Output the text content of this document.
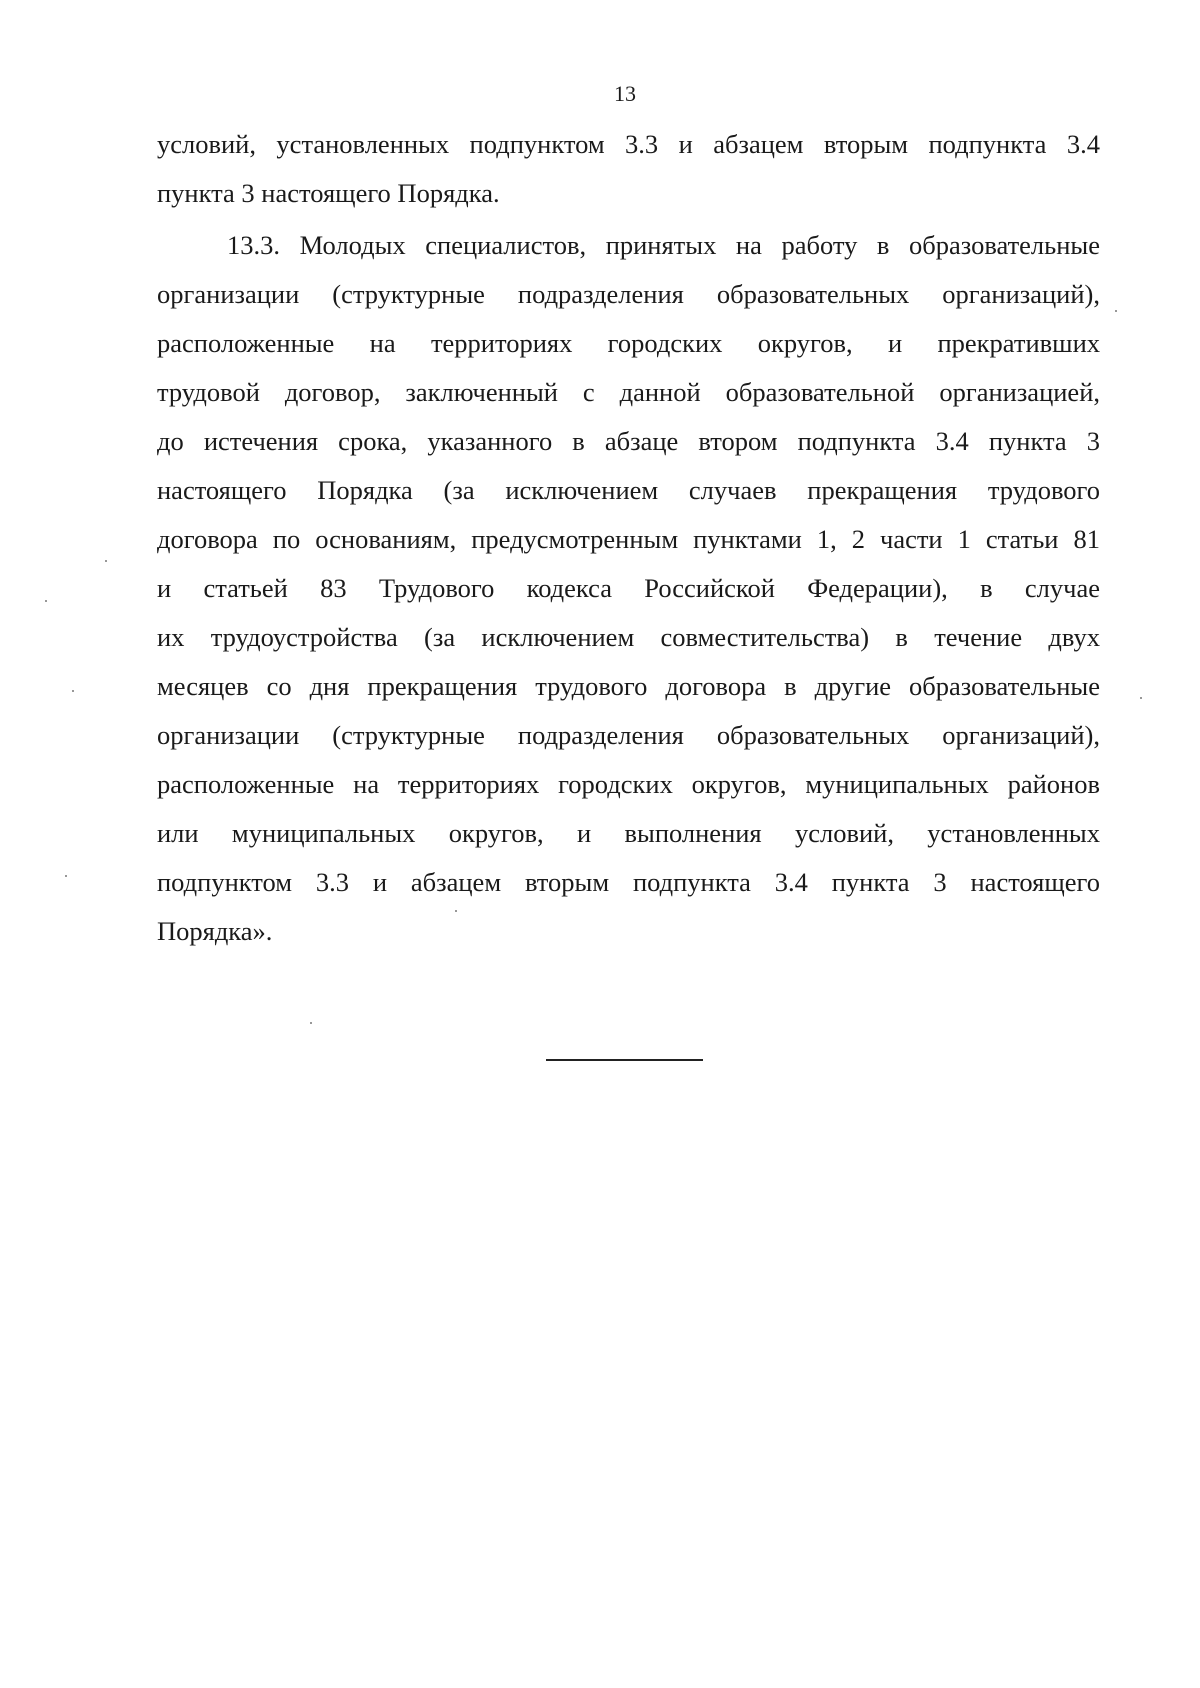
13
условий, установленных подпунктом 3.3 и абзацем вторым подпункта 3.4
пункта 3 настоящего Порядка.
13.3. Молодых специалистов, принятых на работу в образовательные
организации (структурные подразделения образовательных организаций),
расположенные на территориях городских округов, и прекративших
трудовой договор, заключенный с данной образовательной организацией,
до истечения срока, указанного в абзаце втором подпункта 3.4 пункта 3
настоящего Порядка (за исключением случаев прекращения трудового
договора по основаниям, предусмотренным пунктами 1, 2 части 1 статьи 81
и статьей 83 Трудового кодекса Российской Федерации), в случае
их трудоустройства (за исключением совместительства) в течение двух
месяцев со дня прекращения трудового договора в другие образовательные
организации (структурные подразделения образовательных организаций),
расположенные на территориях городских округов, муниципальных районов
или муниципальных округов, и выполнения условий, установленных
подпунктом 3.3 и абзацем вторым подпункта 3.4 пункта 3 настоящего
Порядка».
